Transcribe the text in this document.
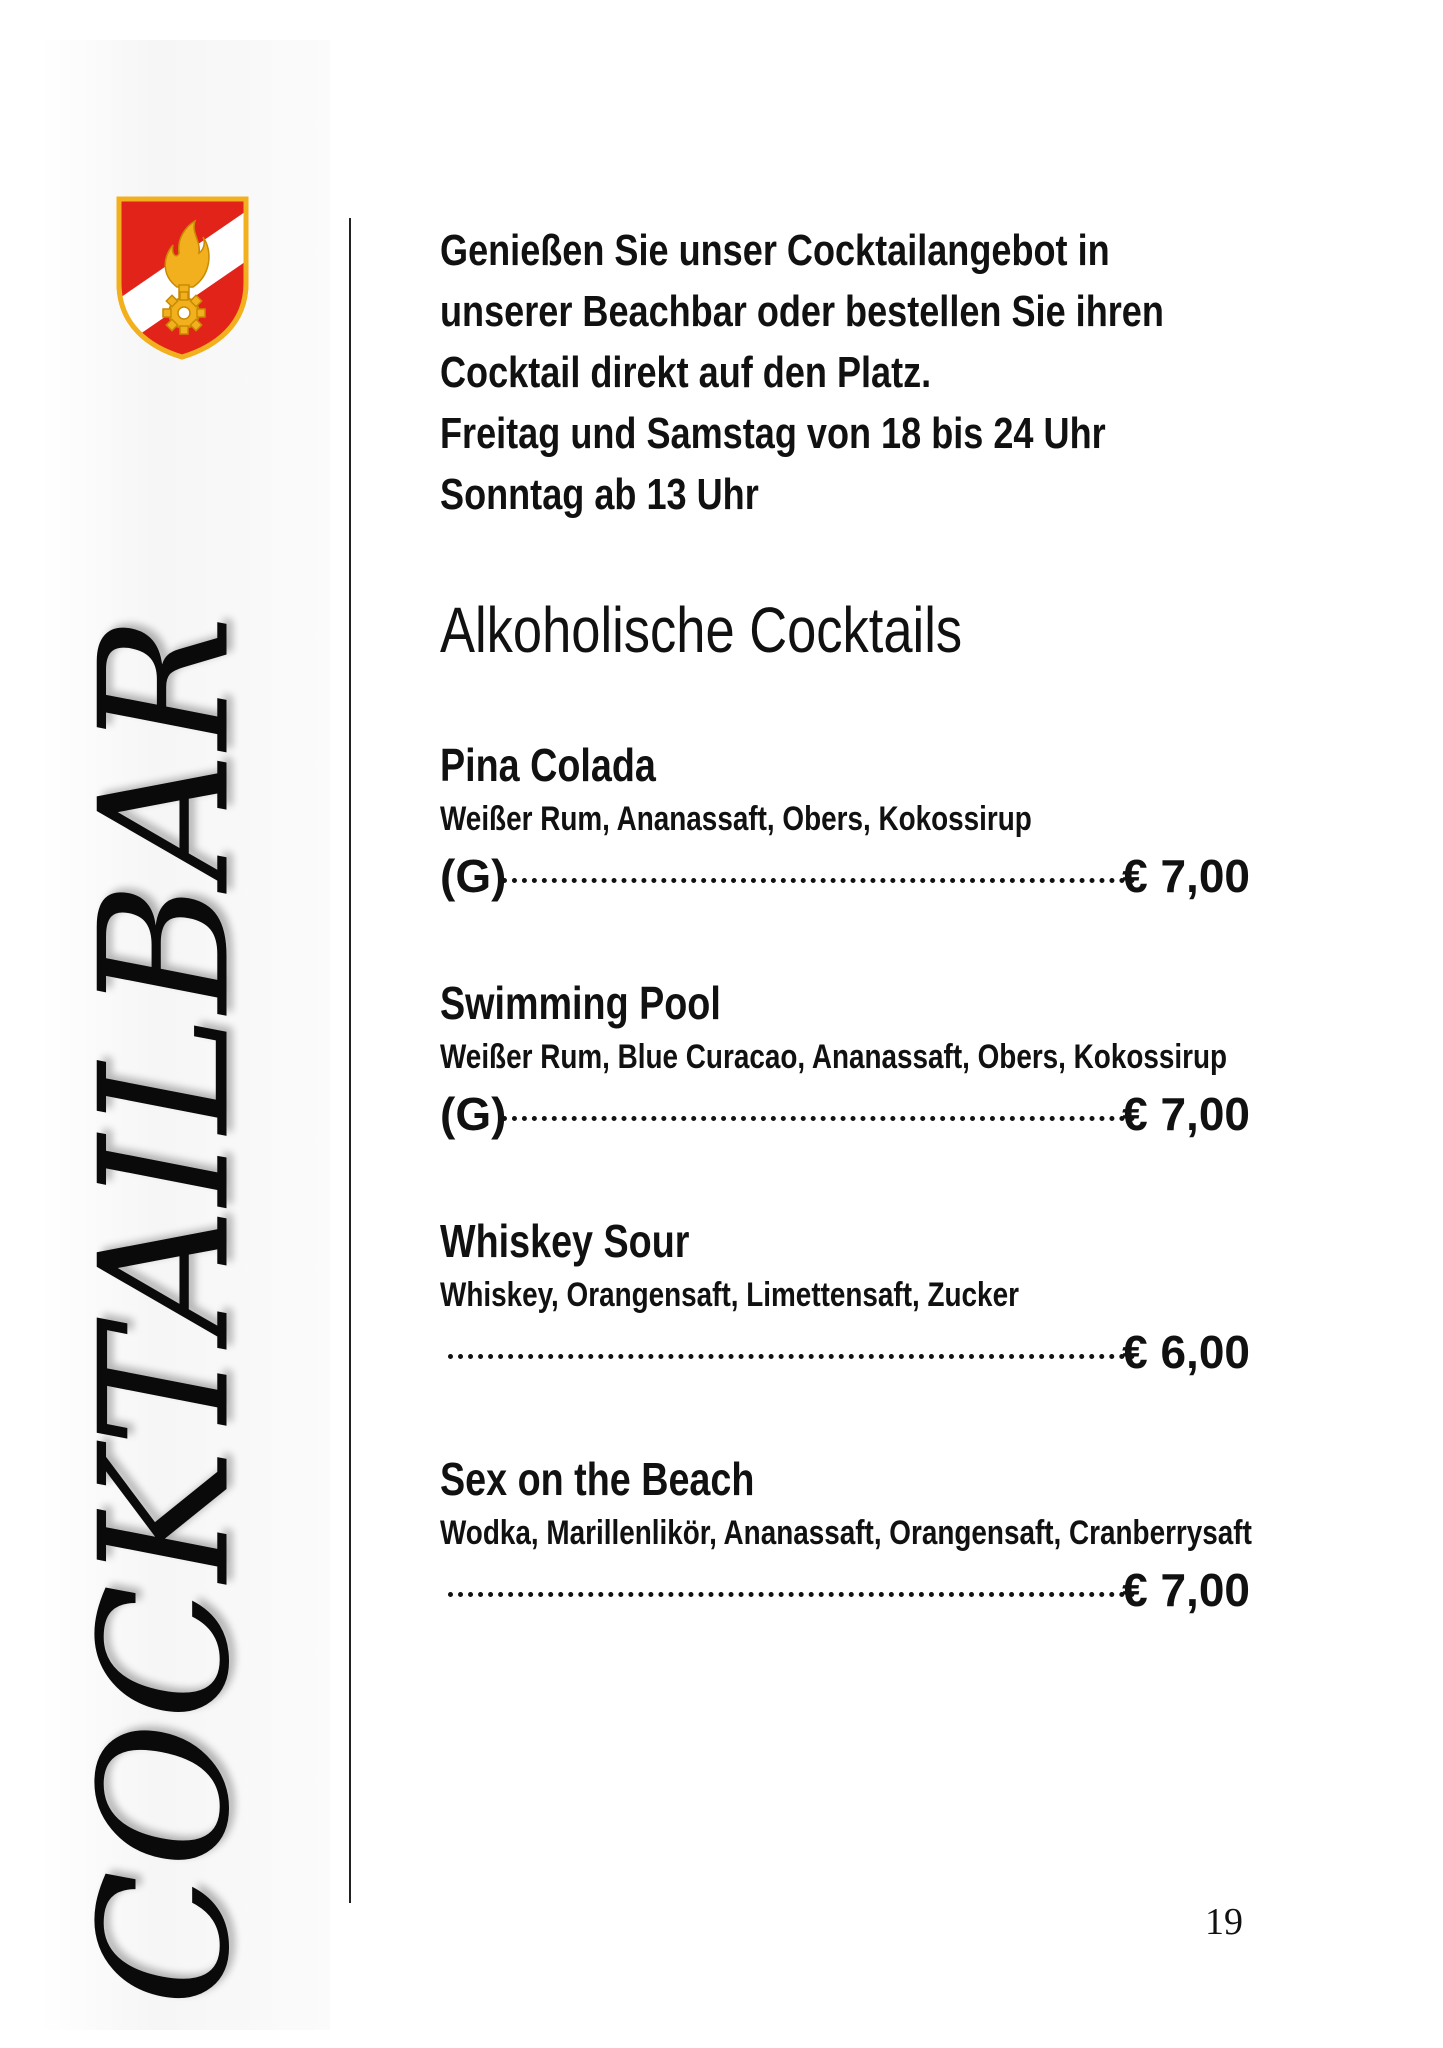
COCKTAILBAR
Genießen Sie unser Cocktailangebot in
unserer Beachbar oder bestellen Sie ihren
Cocktail direkt auf den Platz.
Freitag und Samstag von 18 bis 24 Uhr
Sonntag ab 13 Uhr
Alkoholische Cocktails
Pina Colada
Weißer Rum, Ananassaft, Obers, Kokossirup
(G)	€ 7,00
Swimming Pool
Weißer Rum, Blue Curacao, Ananassaft, Obers, Kokossirup
(G)	€ 7,00
Whiskey Sour
Whiskey, Orangensaft, Limettensaft, Zucker
€ 6,00
Sex on the Beach
Wodka, Marillenlikör, Ananassaft, Orangensaft, Cranberrysaft
€ 7,00
19
